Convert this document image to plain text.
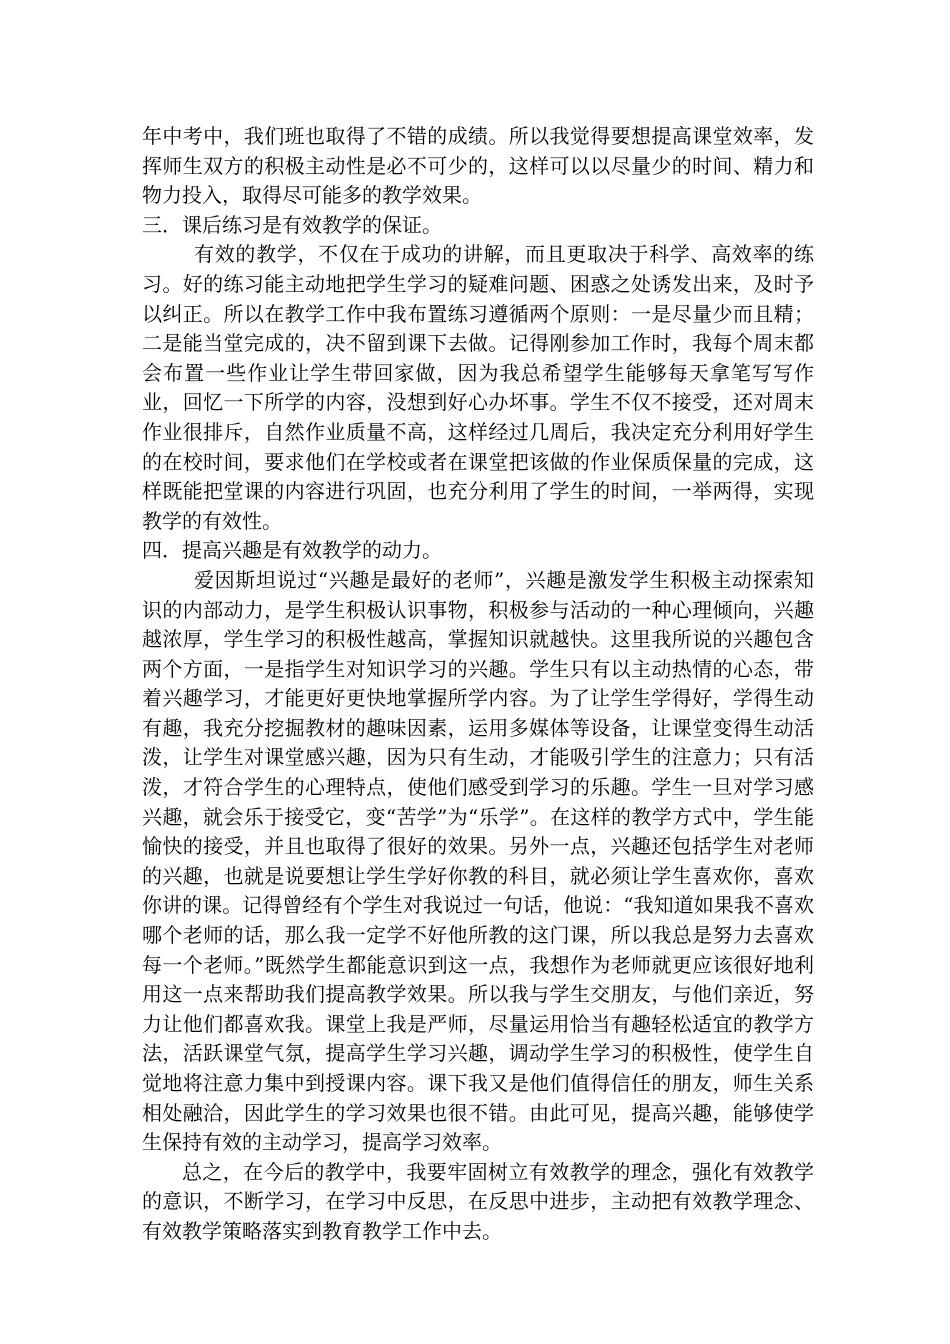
年中考中，我们班也取得了不错的成绩。所以我觉得要想提高课堂效率，发挥师生双方的积极主动性是必不可少的，这样可以以尽量少的时间、精力和物力投入，取得尽可能多的教学效果。

三．课后练习是有效教学的保证。

有效的教学，不仅在于成功的讲解，而且更取决于科学、高效率的练习。好的练习能主动地把学生学习的疑难问题、困惑之处诱发出来，及时予以纠正。所以在教学工作中我布置练习遵循两个原则：一是尽量少而且精；二是能当堂完成的，决不留到课下去做。记得刚参加工作时，我每个周末都会布置一些作业让学生带回家做，因为我总希望学生能够每天拿笔写写作业，回忆一下所学的内容，没想到好心办坏事。学生不仅不接受，还对周末作业很排斥，自然作业质量不高，这样经过几周后，我决定充分利用好学生的在校时间，要求他们在学校或者在课堂把该做的作业保质保量的完成，这样既能把堂课的内容进行巩固，也充分利用了学生的时间，一举两得，实现教学的有效性。

四．提高兴趣是有效教学的动力。

爱因斯坦说过“兴趣是最好的老师”，兴趣是激发学生积极主动探索知识的内部动力，是学生积极认识事物，积极参与活动的一种心理倾向，兴趣越浓厚，学生学习的积极性越高，掌握知识就越快。这里我所说的兴趣包含两个方面，一是指学生对知识学习的兴趣。学生只有以主动热情的心态，带着兴趣学习，才能更好更快地掌握所学内容。为了让学生学得好，学得生动有趣，我充分挖掘教材的趣味因素，运用多媒体等设备，让课堂变得生动活泼，让学生对课堂感兴趣，因为只有生动，才能吸引学生的注意力；只有活泼，才符合学生的心理特点，使他们感受到学习的乐趣。学生一旦对学习感兴趣，就会乐于接受它，变“苦学”为“乐学”。在这样的教学方式中，学生能愉快的接受，并且也取得了很好的效果。另外一点，兴趣还包括学生对老师的兴趣，也就是说要想让学生学好你教的科目，就必须让学生喜欢你，喜欢你讲的课。记得曾经有个学生对我说过一句话，他说：“我知道如果我不喜欢哪个老师的话，那么我一定学不好他所教的这门课，所以我总是努力去喜欢每一个老师。”既然学生都能意识到这一点，我想作为老师就更应该很好地利用这一点来帮助我们提高教学效果。所以我与学生交朋友，与他们亲近，努力让他们都喜欢我。课堂上我是严师，尽量运用恰当有趣轻松适宜的教学方法，活跃课堂气氛，提高学生学习兴趣，调动学生学习的积极性，使学生自觉地将注意力集中到授课内容。课下我又是他们值得信任的朋友，师生关系相处融洽，因此学生的学习效果也很不错。由此可见，提高兴趣，能够使学生保持有效的主动学习，提高学习效率。

总之，在今后的教学中，我要牢固树立有效教学的理念，强化有效教学的意识，不断学习，在学习中反思，在反思中进步，主动把有效教学理念、有效教学策略落实到教育教学工作中去。
